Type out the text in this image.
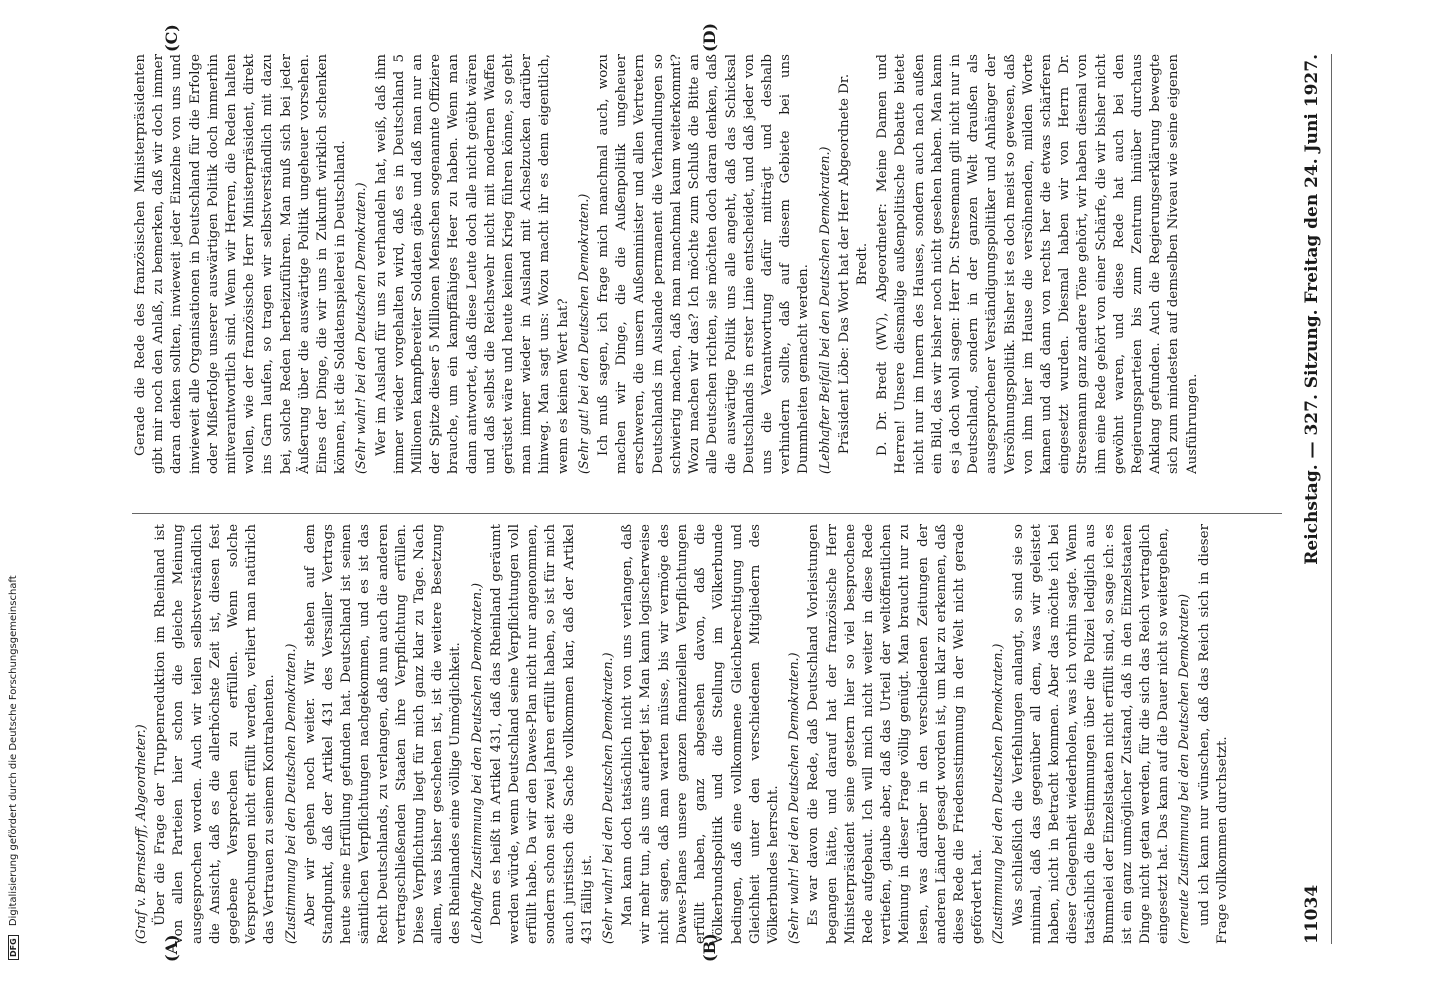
DFG Digitalisierung gefördert durch die Deutsche Forschungsgemeinschaft	11034
Reichstag. — 327. Sitzung. Freitag den 24. Juni 1927.
(A)	(B)
(C)	(D)

(Graf v. Bernstorff, Abgeordneter.) Über die Frage der Truppenreduktion im Rheinland ist von allen Parteien hier schon die gleiche Meinung ausgesprochen worden. Auch wir teilen selbstverständlich die Ansicht, daß es die allerhöchste Zeit ist, diesen fest gegebene Versprechen zu erfüllen. Wenn solche Versprechungen nicht erfüllt werden, verliert man natürlich das Vertrauen zu seinem Kontrahenten. (Zustimmung bei den Deutschen Demokraten.) Aber wir gehen noch weiter. Wir stehen auf dem Standpunkt, daß der Artikel 431 des Versailler Vertrags heute seine Erfüllung gefunden hat. Deutschland ist seinen sämtlichen Verpflichtungen nachgekommen, und es ist das Recht Deutschlands, zu verlangen, daß nun auch die anderen vertragschließenden Staaten ihre Verpflichtung erfüllen. Diese Verpflichtung liegt für mich ganz klar zu Tage. Nach allem, was bisher geschehen ist, ist die weitere Besetzung des Rheinlandes eine völlige Unmöglichkeit. (Lebhafte Zustimmung bei den Deutschen Demokraten.) Denn es heißt in Artikel 431, daß das Rheinland geräumt werden würde, wenn Deutschland seine Verpflichtungen voll erfüllt habe. Da wir den Dawes-Plan nicht nur angenommen, sondern schon seit zwei Jahren erfüllt haben, so ist für mich auch juristisch die Sache vollkommen klar, daß der Artikel 431 fällig ist. (Sehr wahr! bei den Deutschen Demokraten.) Man kann doch tatsächlich nicht von uns verlangen, daß wir mehr tun, als uns auferlegt ist. Man kann logischerweise nicht sagen, daß man warten müsse, bis wir vermöge des Dawes-Planes unsere ganzen finanziellen Verpflichtungen erfüllt haben, ganz abgesehen davon, daß die Völkerbundspolitik und die Stellung im Völkerbunde bedingen, daß eine vollkommene Gleichberechtigung und Gleichheit unter den verschiedenen Mitgliedern des Völkerbundes herrscht. (Sehr wahr! bei den Deutschen Demokraten.) Es war davon die Rede, daß Deutschland Vorleistungen begangen hätte, und darauf hat der französische Herr Ministerpräsident seine gestern hier so viel besprochene Rede aufgebaut. Ich will mich nicht weiter in diese Rede vertiefen, glaube aber, daß das Urteil der weltöffentlichen Meinung in dieser Frage völlig genügt. Man braucht nur zu lesen, was darüber in den verschiedenen Zeitungen der anderen Länder gesagt worden ist, um klar zu erkennen, daß diese Rede die Friedensstimmung in der Welt nicht gerade gefördert hat. (Zustimmung bei den Deutschen Demokraten.) Was schließlich die Verfehlungen anlangt, so sind sie so minimal, daß das gegenüber all dem, was wir geleistet haben, nicht in Betracht kommen. Aber das möchte ich bei dieser Gelegenheit wiederholen, was ich vorhin sagte. Wenn tatsächlich die Bestimmungen über die Polizei lediglich aus Bummelei der Einzelstaaten nicht erfüllt sind, so sage ich: es ist ein ganz unmöglicher Zustand, daß in den Einzelstaaten Dinge nicht getan werden, für die sich das Reich vertraglich eingesetzt hat. Das kann auf die Dauer nicht so weitergehen, (erneute Zustimmung bei den Deutschen Demokraten) und ich kann nur wünschen, daß das Reich sich in dieser Frage vollkommen durchsetzt.

Gerade die Rede des französischen Ministerpräsidenten gibt mir noch den Anlaß, zu bemerken, daß wir doch immer daran denken sollten, inwieweit jeder Einzelne von uns und inwieweit alle Organisationen in Deutschland für die Erfolge oder Mißerfolge unserer auswärtigen Politik doch immerhin mitverantwortlich sind. Wenn wir Herren, die Reden halten wollen, wie der französische Herr Ministerpräsident, direkt ins Garn laufen, so tragen wir selbstverständlich mit dazu bei, solche Reden herbeizuführen. Man muß sich bei jeder Äußerung über die auswärtige Politik ungeheuer vorsehen. Eines der Dinge, die wir uns in Zukunft wirklich schenken können, ist die Soldatenspielerei in Deutschland. (Sehr wahr! bei den Deutschen Demokraten.) Wer im Ausland für uns zu verhandeln hat, weiß, daß ihm immer wieder vorgehalten wird, daß es in Deutschland 5 Millionen kampfbereiter Soldaten gäbe und daß man nur an der Spitze dieser 5 Millionen Menschen sogenannte Offiziere brauche, um ein kampffähiges Heer zu haben. Wenn man dann antwortet, daß diese Leute doch alle nicht geübt wären und daß selbst die Reichswehr nicht mit modernen Waffen gerüstet wäre und heute keinen Krieg führen könne, so geht man immer wieder in Ausland mit Achselzucken darüber hinweg. Man sagt uns: Wozu macht ihr es denn eigentlich, wenn es keinen Wert hat? (Sehr gut! bei den Deutschen Demokraten.) Ich muß sagen, ich frage mich manchmal auch, wozu machen wir Dinge, die die Außenpolitik ungeheuer erschweren, die unsern Außenminister und allen Vertretern Deutschlands im Auslande permanent die Verhandlungen so schwierig machen, daß man manchmal kaum weiterkommt? Wozu machen wir das? Ich möchte zum Schluß die Bitte an alle Deutschen richten, sie möchten doch daran denken, daß die auswärtige Politik uns alle angeht, daß das Schicksal Deutschlands in erster Linie entscheidet, und daß jeder von uns die Verantwortung dafür mitträgt und deshalb verhindern sollte, daß auf diesem Gebiete bei uns Dummheiten gemacht werden. (Lebhafter Beifall bei den Deutschen Demokraten.) Präsident Löbe: Das Wort hat der Herr Abgeordnete Dr. Bredt. D. Dr. Bredt (WV), Abgeordneter: Meine Damen und Herren! Unsere diesmalige außenpolitische Debatte bietet nicht nur im Innern des Hauses, sondern auch nach außen ein Bild, das wir bisher noch nicht gesehen haben. Man kann es ja doch wohl sagen: Herr Dr. Stresemann gilt nicht nur in Deutschland, sondern in der ganzen Welt draußen als ausgesprochener Verständigungspolitiker und Anhänger der Versöhnungspolitik. Bisher ist es doch meist so gewesen, daß von ihm hier im Hause die versöhnenden, milden Worte kamen und daß dann von rechts her die etwas schärferen eingesetzt wurden. Diesmal haben wir von Herrn Dr. Stresemann ganz andere Töne gehört, wir haben diesmal von ihm eine Rede gehört von einer Schärfe, die wir bisher nicht gewöhnt waren, und diese Rede hat auch bei den Regierungsparteien bis zum Zentrum hinüber durchaus Anklang gefunden. Auch die Regierungserklärung bewegte sich zum mindesten auf demselben Niveau wie seine eigenen Ausführungen.
